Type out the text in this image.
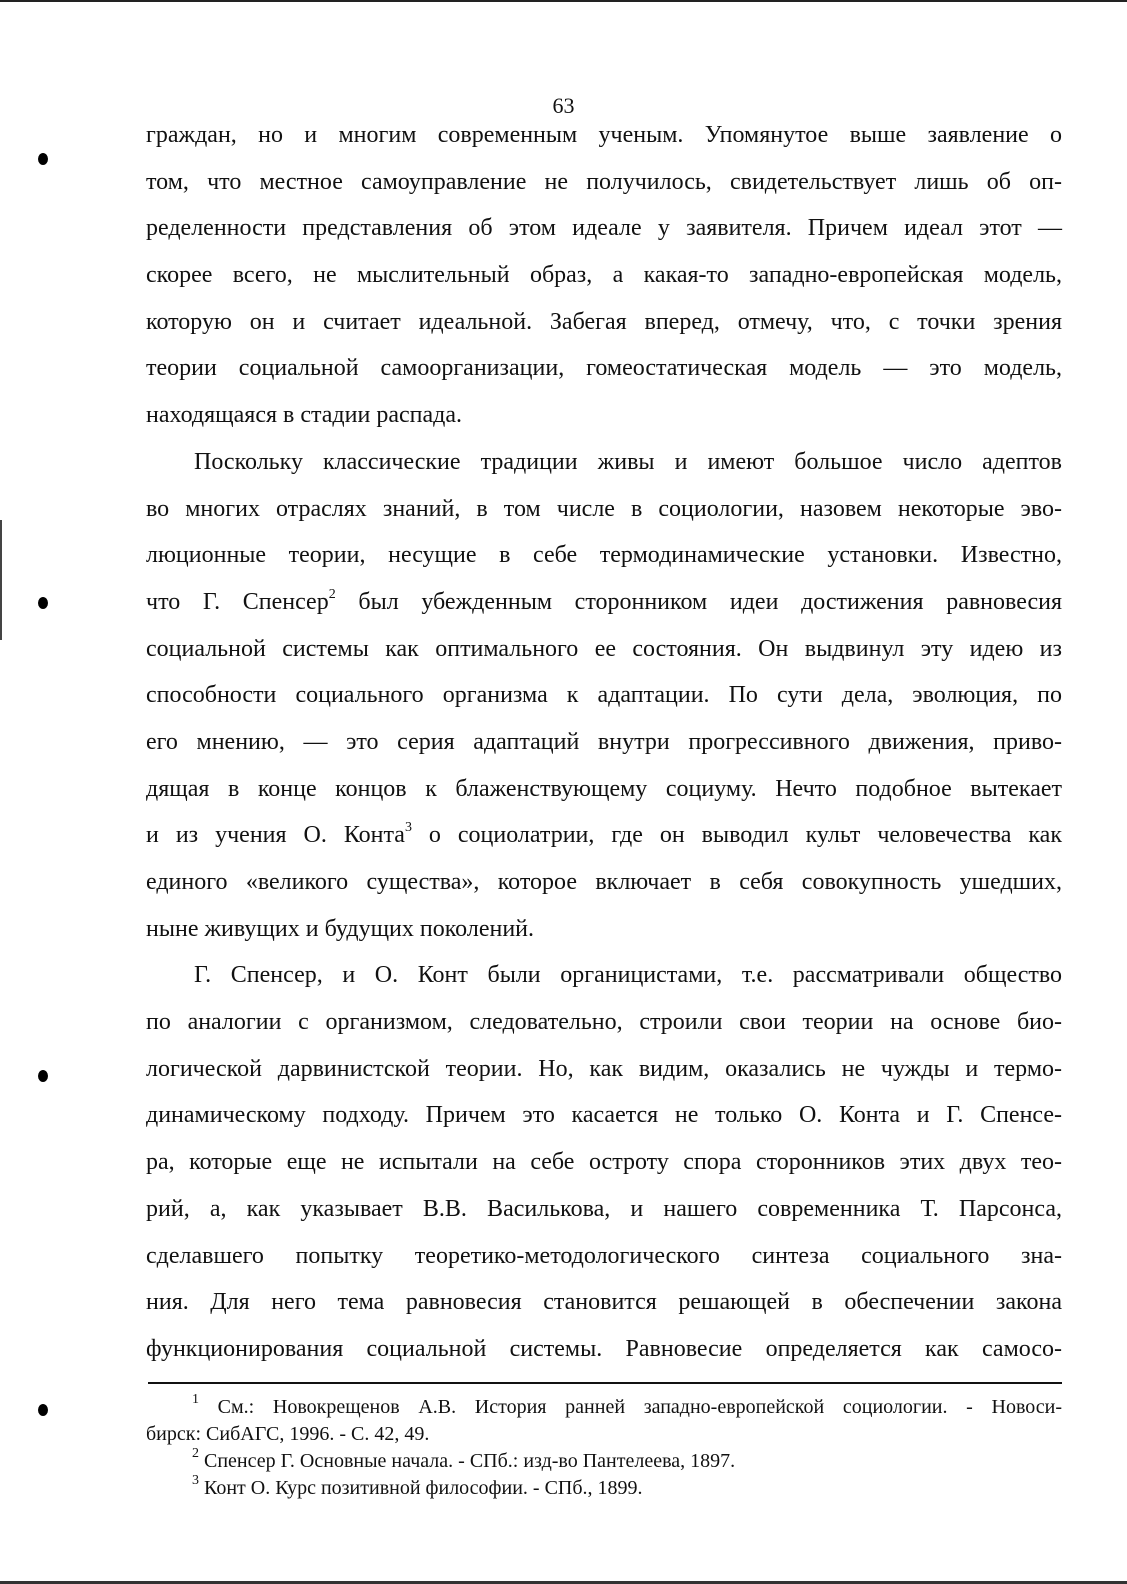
63
граждан, но и многим современным ученым. Упомянутое выше заявление о
том, что местное самоуправление не получилось, свидетельствует лишь об оп-
ределенности представления об этом идеале у заявителя. Причем идеал этот —
скорее всего, не мыслительный образ, а какая-то западно-европейская модель,
которую он и считает идеальной. Забегая вперед, отмечу, что, с точки зрения
теории социальной самоорганизации, гомеостатическая модель — это модель,
находящаяся в стадии распада.
Поскольку классические традиции живы и имеют большое число адептов
во многих отраслях знаний, в том числе в социологии, назовем некоторые эво-
люционные теории, несущие в себе термодинамические установки. Известно,
что Г. Спенсер$^2$ был убежденным сторонником идеи достижения равновесия
социальной системы как оптимального ее состояния. Он выдвинул эту идею из
способности социального организма к адаптации. По сути дела, эволюция, по
его мнению, — это серия адаптаций внутри прогрессивного движения, приво-
дящая в конце концов к блаженствующему социуму. Нечто подобное вытекает
и из учения О. Конта$^3$ о социолатрии, где он выводил культ человечества как
единого «великого существа», которое включает в себя совокупность ушедших,
ныне живущих и будущих поколений.
Г. Спенсер, и О. Конт были органицистами, т.е. рассматривали общество
по аналогии с организмом, следовательно, строили свои теории на основе био-
логической дарвинистской теории. Но, как видим, оказались не чужды и термо-
динамическому подходу. Причем это касается не только О. Конта и Г. Спенсе-
ра, которые еще не испытали на себе остроту спора сторонников этих двух тео-
рий, а, как указывает В.В. Василькова, и нашего современника Т. Парсонса,
сделавшего попытку теоретико-методологического синтеза социального зна-
ния. Для него тема равновесия становится решающей в обеспечении закона
функционирования социальной системы. Равновесие определяется как самосо-
$^1$ См.: Новокрещенов А.В. История ранней западно-европейской социологии. - Новоси-
бирск: СибАГС, 1996. - С. 42, 49.
$^2$ Спенсер Г. Основные начала. - СПб.: изд-во Пантелеева, 1897.
$^3$ Конт О. Курс позитивной философии. - СПб., 1899.
